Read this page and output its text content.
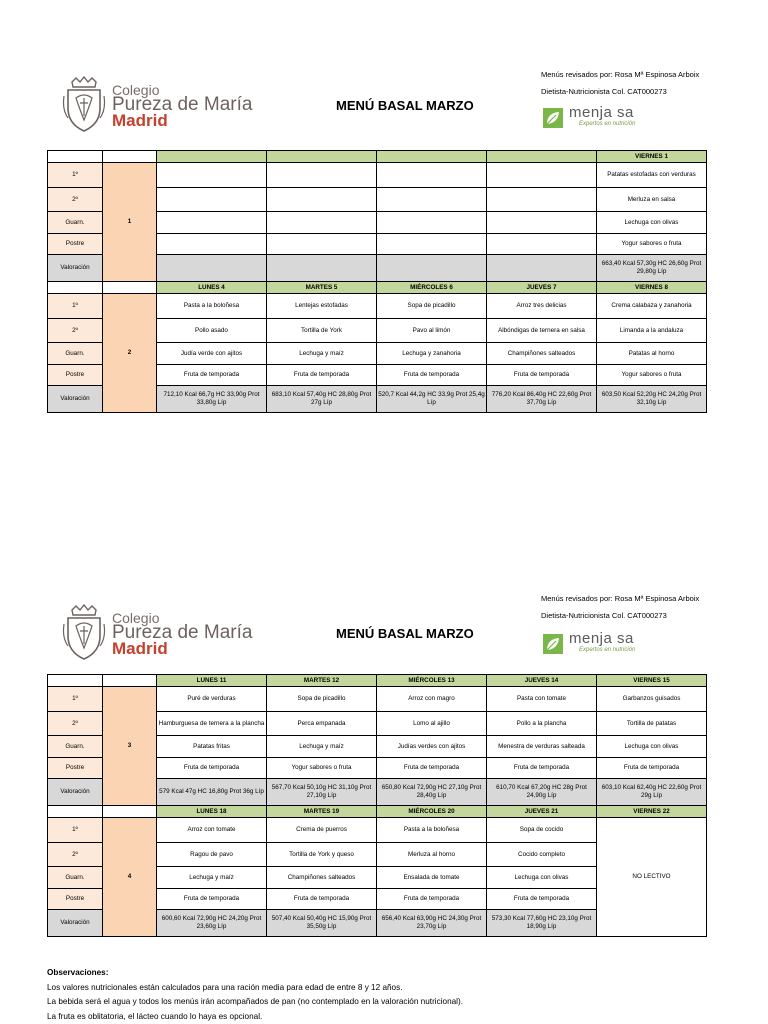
Colegio
Pureza de María
Madrid
MENÚ BASAL MARZO
Menús revisados por: Rosa Mª Espinosa Arboix
Dietista-Nutricionista Col. CAT000273
menja sa
Expertos en nutrición
						VIERNES 1
1º	1					Patatas estofadas con verduras
2º						Merluza en salsa
Guarn.						Lechuga con olivas
Postre						Yogur sabores o fruta
Valoración						663,40 Kcal 57,30g HC 26,60g Prot 29,80g Líp
		LUNES 4	MARTES 5	MIÉRCOLES 6	JUEVES 7	VIERNES 8
1º	2	Pasta a la boloñesa	Lentejas estofadas	Sopa de picadillo	Arroz tres delicias	Crema calabaza y zanahoria
2º		Pollo asado	Tortilla de York	Pavo al limón	Albóndigas de ternera en salsa	Limanda a la andaluza
Guarn.		Judía verde con ajitos	Lechuga y maíz	Lechuga y zanahoria	Champiñones salteados	Patatas al horno
Postre		Fruta de temporada	Fruta de temporada	Fruta de temporada	Fruta de temporada	Yogur sabores o fruta
Valoración		712,10 Kcal 66,7g HC 33,90g Prot 33,80g Líp	683,10 Kcal 57,40g HC 28,80g Prot 27g Líp	520,7 Kcal 44,2g HC 33,9g Prot 25,4g Líp	776,20 Kcal 86,40g HC 22,60g Prot 37,70g Líp	603,50 Kcal 52,20g HC 24,20g Prot 32,10g Líp
Colegio
Pureza de María
Madrid
MENÚ BASAL MARZO
Menús revisados por: Rosa Mª Espinosa Arboix
Dietista-Nutricionista Col. CAT000273
menja sa
Expertos en nutrición
		LUNES 11	MARTES 12	MIÉRCOLES 13	JUEVES 14	VIERNES 15
1º	3	Puré de verduras	Sopa de picadillo	Arroz con magro	Pasta con tomate	Garbanzos guisados
2º		Hamburguesa de ternera a la plancha	Perca empanada	Lomo al ajillo	Pollo a la plancha	Tortilla de patatas
Guarn.		Patatas fritas	Lechuga y maíz	Judías verdes con ajitos	Menestra de verduras salteada	Lechuga con olivas
Postre		Fruta de temporada	Yogur sabores o fruta	Fruta de temporada	Fruta de temporada	Fruta de temporada
Valoración		579 Kcal 47g HC 16,80g Prot 36g Líp	567,70 Kcal 50,10g HC 31,10g Prot 27,10g Líp	650,80 Kcal 72,90g HC 27,10g Prot 28,40g Líp	610,70 Kcal 67,20g HC 28g Prot 24,90g Líp	603,10 Kcal 62,40g HC 22,60g Prot 29g Líp
		LUNES 18	MARTES 19	MIÉRCOLES 20	JUEVES 21	VIERNES 22
1º	4	Arroz con tomate	Crema de puerros	Pasta a la boloñesa	Sopa de cocido	NO LECTIVO
2º		Ragou de pavo	Tortilla de York y queso	Merluza al horno	Cocido completo	
Guarn.		Lechuga y maíz	Champiñones salteados	Ensalada de tomate	Lechuga con olivas	
Postre		Fruta de temporada	Fruta de temporada	Fruta de temporada	Fruta de temporada	
Valoración		600,60 Kcal 72,90g HC 24,20g Prot 23,60g Líp	507,40 Kcal 50,40g HC 15,90g Prot 35,50g Líp	656,40 Kcal 63,90g HC 24,30g Prot 23,70g Líp	573,30 Kcal 77,60g HC 23,10g Prot 18,90g Líp	
Observaciones:
Los valores nutricionales están calculados para una ración media para edad de entre 8 y 12 años.
La bebida será el agua y todos los menús irán acompañados de pan (no contemplado en la valoración nutricional).
La fruta es oblitatoria, el lácteo cuando lo haya es opcional.
